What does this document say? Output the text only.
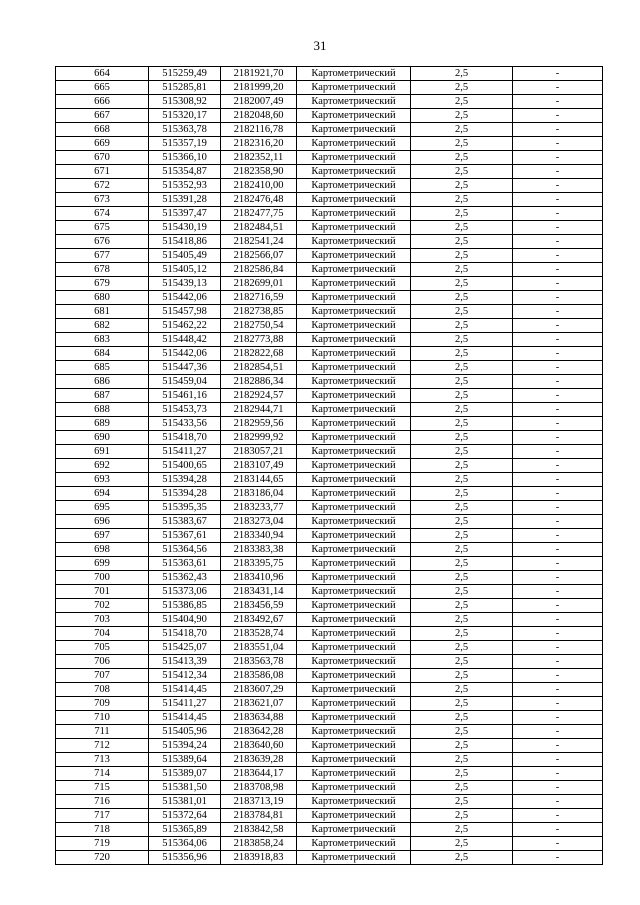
31
664	515259,49	2181921,70	Картометрический	2,5	-
665	515285,81	2181999,20	Картометрический	2,5	-
666	515308,92	2182007,49	Картометрический	2,5	-
667	515320,17	2182048,60	Картометрический	2,5	-
668	515363,78	2182116,78	Картометрический	2,5	-
669	515357,19	2182316,20	Картометрический	2,5	-
670	515366,10	2182352,11	Картометрический	2,5	-
671	515354,87	2182358,90	Картометрический	2,5	-
672	515352,93	2182410,00	Картометрический	2,5	-
673	515391,28	2182476,48	Картометрический	2,5	-
674	515397,47	2182477,75	Картометрический	2,5	-
675	515430,19	2182484,51	Картометрический	2,5	-
676	515418,86	2182541,24	Картометрический	2,5	-
677	515405,49	2182566,07	Картометрический	2,5	-
678	515405,12	2182586,84	Картометрический	2,5	-
679	515439,13	2182699,01	Картометрический	2,5	-
680	515442,06	2182716,59	Картометрический	2,5	-
681	515457,98	2182738,85	Картометрический	2,5	-
682	515462,22	2182750,54	Картометрический	2,5	-
683	515448,42	2182773,88	Картометрический	2,5	-
684	515442,06	2182822,68	Картометрический	2,5	-
685	515447,36	2182854,51	Картометрический	2,5	-
686	515459,04	2182886,34	Картометрический	2,5	-
687	515461,16	2182924,57	Картометрический	2,5	-
688	515453,73	2182944,71	Картометрический	2,5	-
689	515433,56	2182959,56	Картометрический	2,5	-
690	515418,70	2182999,92	Картометрический	2,5	-
691	515411,27	2183057,21	Картометрический	2,5	-
692	515400,65	2183107,49	Картометрический	2,5	-
693	515394,28	2183144,65	Картометрический	2,5	-
694	515394,28	2183186,04	Картометрический	2,5	-
695	515395,35	2183233,77	Картометрический	2,5	-
696	515383,67	2183273,04	Картометрический	2,5	-
697	515367,61	2183340,94	Картометрический	2,5	-
698	515364,56	2183383,38	Картометрический	2,5	-
699	515363,61	2183395,75	Картометрический	2,5	-
700	515362,43	2183410,96	Картометрический	2,5	-
701	515373,06	2183431,14	Картометрический	2,5	-
702	515386,85	2183456,59	Картометрический	2,5	-
703	515404,90	2183492,67	Картометрический	2,5	-
704	515418,70	2183528,74	Картометрический	2,5	-
705	515425,07	2183551,04	Картометрический	2,5	-
706	515413,39	2183563,78	Картометрический	2,5	-
707	515412,34	2183586,08	Картометрический	2,5	-
708	515414,45	2183607,29	Картометрический	2,5	-
709	515411,27	2183621,07	Картометрический	2,5	-
710	515414,45	2183634,88	Картометрический	2,5	-
711	515405,96	2183642,28	Картометрический	2,5	-
712	515394,24	2183640,60	Картометрический	2,5	-
713	515389,64	2183639,28	Картометрический	2,5	-
714	515389,07	2183644,17	Картометрический	2,5	-
715	515381,50	2183708,98	Картометрический	2,5	-
716	515381,01	2183713,19	Картометрический	2,5	-
717	515372,64	2183784,81	Картометрический	2,5	-
718	515365,89	2183842,58	Картометрический	2,5	-
719	515364,06	2183858,24	Картометрический	2,5	-
720	515356,96	2183918,83	Картометрический	2,5	-
